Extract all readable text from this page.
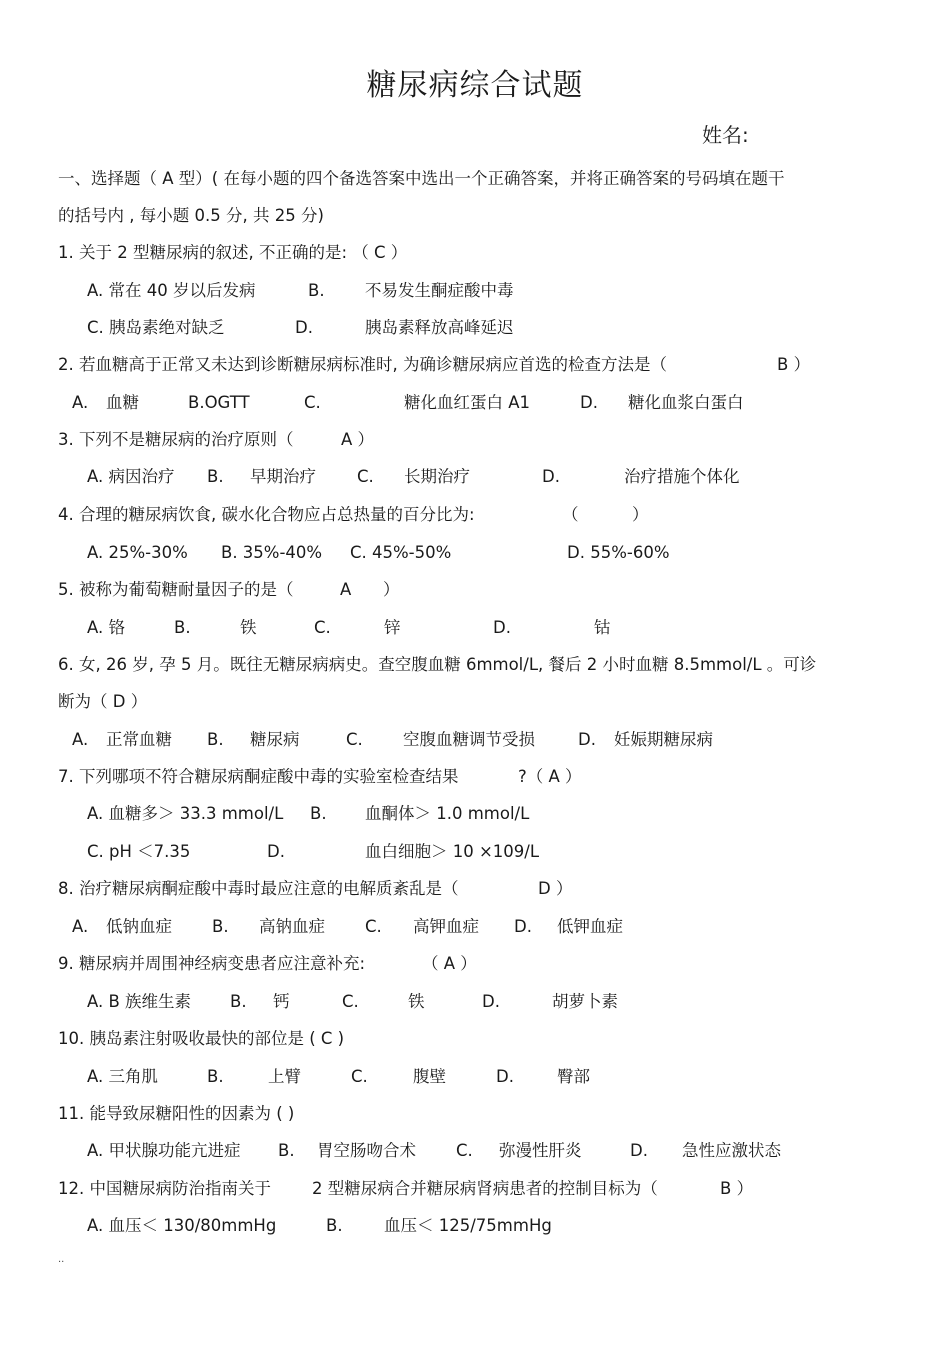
糖尿病综合试题
姓名:
一、选择题（ A 型）( 在每小题的四个备选答案中选出一个正确答案，并将正确答案的号码填在题干
的括号内 , 每小题 0.5 分, 共 25 分)
1. 关于 2 型糖尿病的叙述, 不正确的是: （ C ）
A. 常在 40 岁以后发病	B. 不易发生酮症酸中毒
C. 胰岛素绝对缺乏	D.	胰岛素释放高峰延迟
2. 若血糖高于正常又未达到诊断糖尿病标准时, 为确诊糖尿病应首选的检查方法是（	B ）
A. 血糖	B.OGTT	C.	糖化血红蛋白 A1	D. 糖化血浆白蛋白
3. 下列不是糖尿病的治疗原则（	A ）
A. 病因治疗 B. 早期治疗 C. 长期治疗	D.	治疗措施个体化
4. 合理的糖尿病饮食, 碳水化合物应占总热量的百分比为:	（	）
A. 25%-30% B. 35%-40% C. 45%-50%	D. 55%-60%
5. 被称为葡萄糖耐量因子的是（	A ）
A. 铬	B.	铁	C.	锌	D.	钴
6. 女, 26 岁, 孕 5 月。既往无糖尿病病史。查空腹血糖 6mmol/L, 餐后 2 小时血糖 8.5mmol/L 。可诊
断为（ D ）
A. 正常血糖 B. 糖尿病	C. 空腹血糖调节受损	D. 妊娠期糖尿病
7. 下列哪项不符合糖尿病酮症酸中毒的实验室检查结果	?（ A ）
A. 血糖多＞ 33.3 mmol/L B. 血酮体＞ 1.0 mmol/L
C. pH ＜7.35	D.	血白细胞＞ 10 ×109/L
8. 治疗糖尿病酮症酸中毒时最应注意的电解质紊乱是（	D ）
A. 低钠血症 B. 高钠血症 C. 高钾血症 D. 低钾血症
9. 糖尿病并周围神经病变患者应注意补充:	（ A ）
A. B 族维生素 B. 钙	C.	铁	D.	胡萝卜素
10. 胰岛素注射吸收最快的部位是 ( C )
A. 三角肌	B.	上臂	C.	腹壁	D.	臀部
11. 能导致尿糖阳性的因素为 ( )
A. 甲状腺功能亢进症 B. 胃空肠吻合术 C. 弥漫性肝炎	D. 急性应激状态
12. 中国糖尿病防治指南关于 2 型糖尿病合并糖尿病肾病患者的控制目标为（	B ）
A. 血压＜ 130/80mmHg	B.	血压＜ 125/75mmHg
..
